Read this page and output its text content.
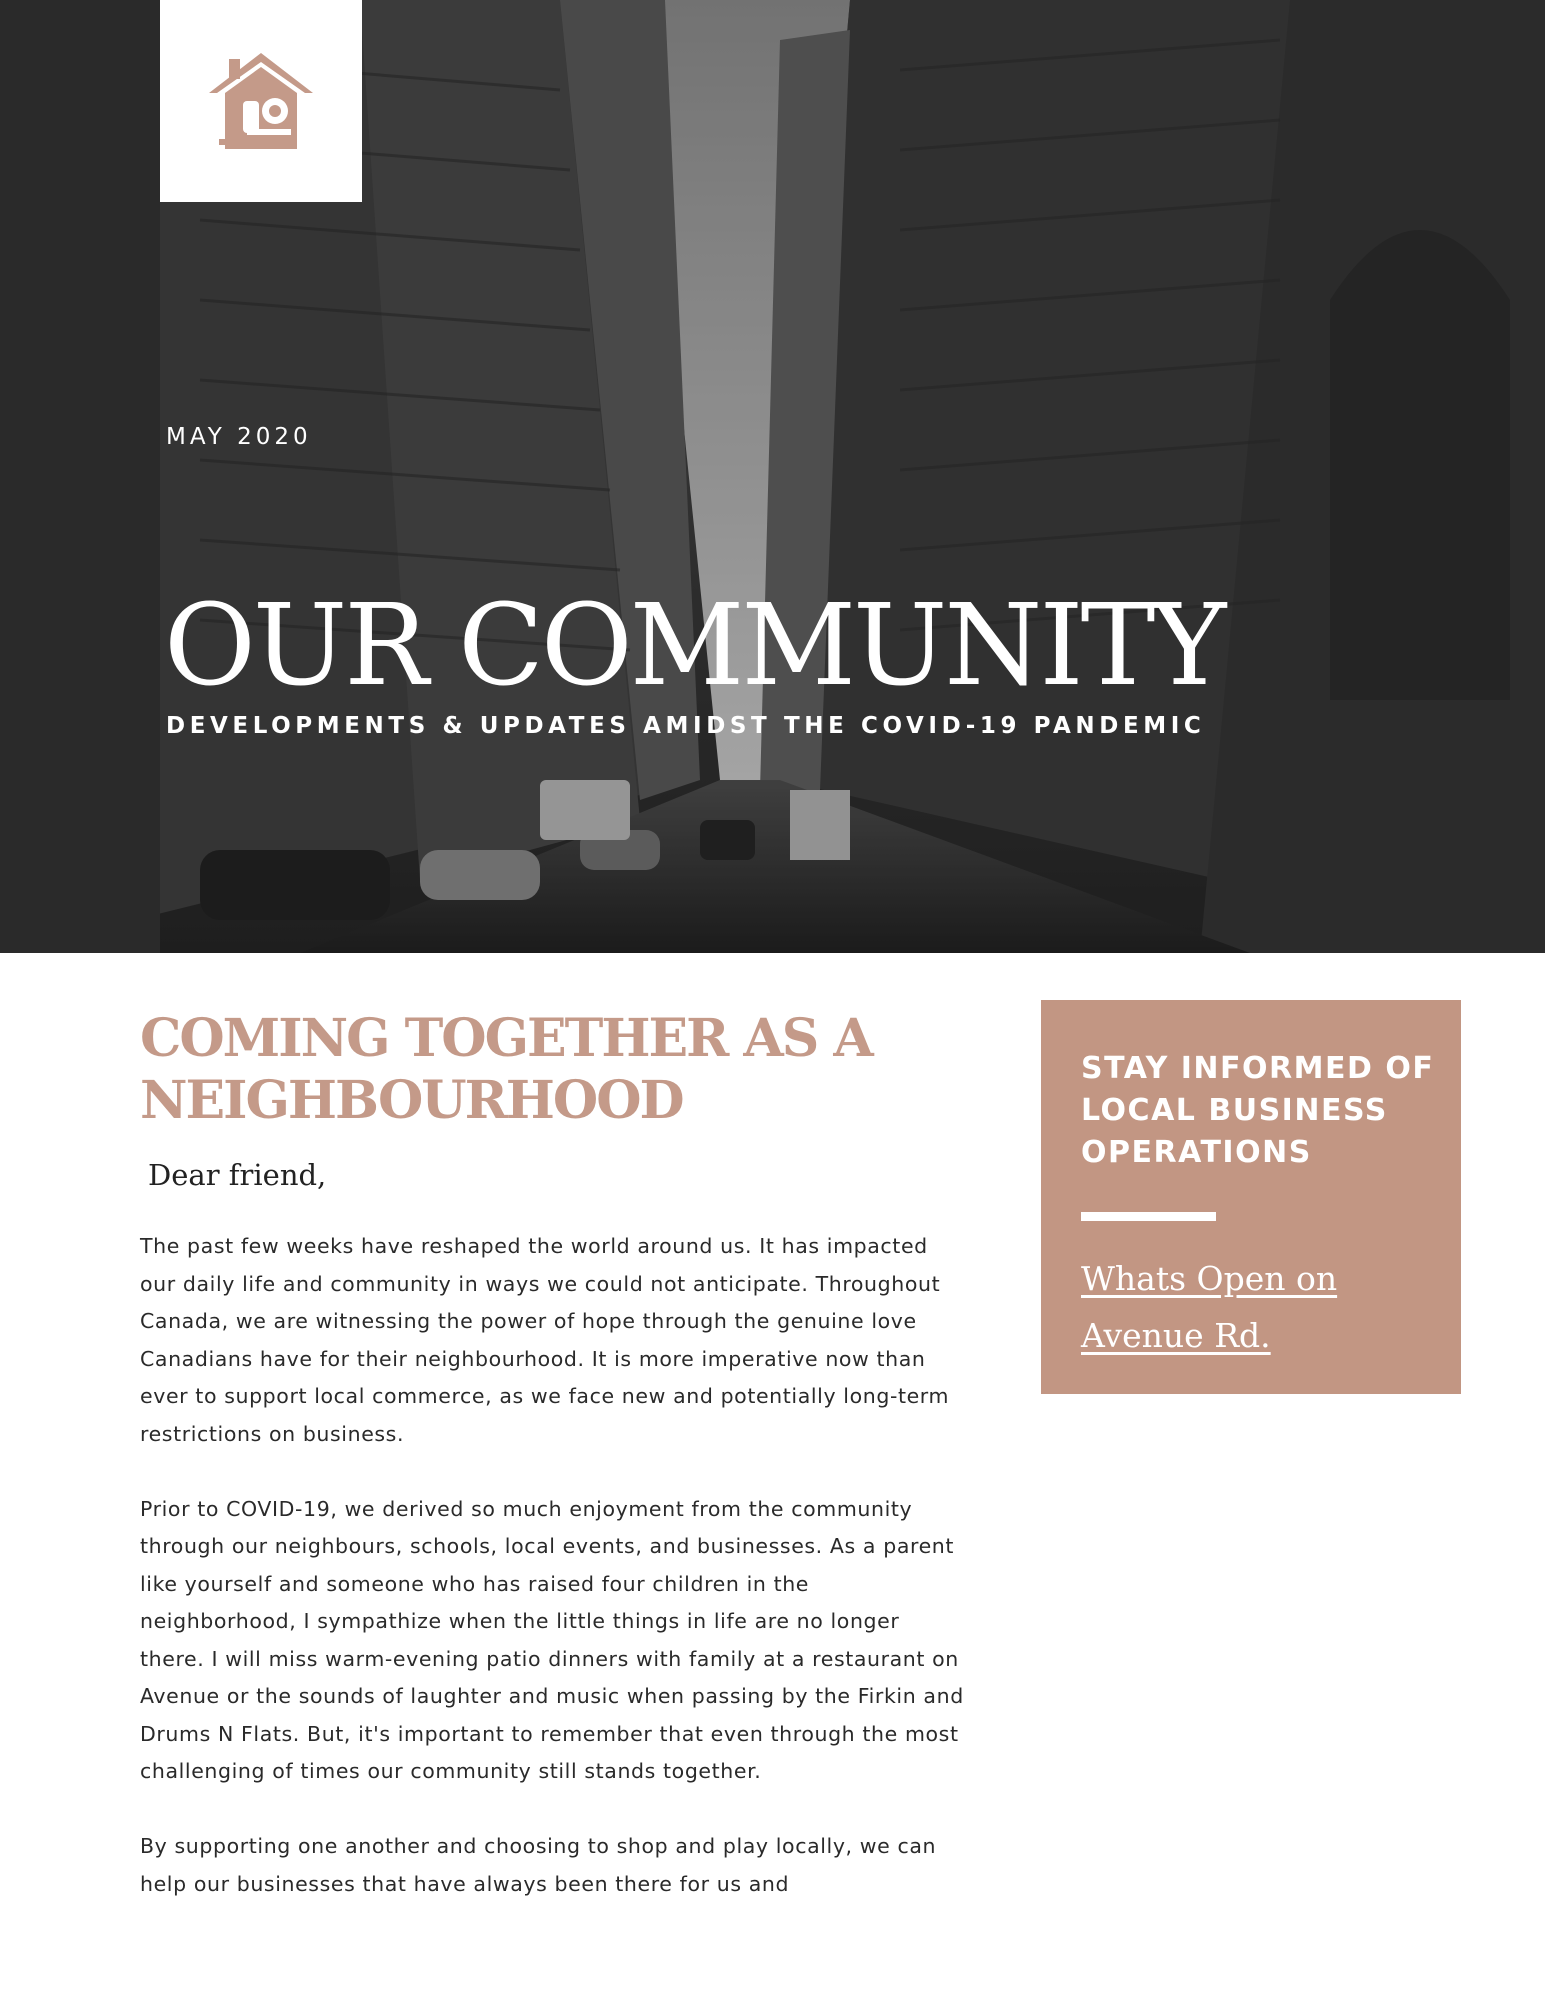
MAY 2020
OUR COMMUNITY
DEVELOPMENTS & UPDATES AMIDST THE COVID-19 PANDEMIC
COMING TOGETHER AS A NEIGHBOURHOOD
Dear friend,

The past few weeks have reshaped the world around us. It has impacted our daily life and community in ways we could not anticipate. Throughout Canada, we are witnessing the power of hope through the genuine love Canadians have for their neighbourhood. It is more imperative now than ever to support local commerce, as we face new and potentially long-term restrictions on business.

Prior to COVID-19, we derived so much enjoyment from the community through our neighbours, schools, local events, and businesses. As a parent like yourself and someone who has raised four children in the neighborhood, I sympathize when the little things in life are no longer there. I will miss warm-evening patio dinners with family at a restaurant on Avenue or the sounds of laughter and music when passing by the Firkin and Drums N Flats. But, it's important to remember that even through the most challenging of times our community still stands together.

By supporting one another and choosing to shop and play locally, we can help our businesses that have always been there for us and

STAY INFORMED OF LOCAL BUSINESS OPERATIONS
Whats Open on Avenue Rd.
